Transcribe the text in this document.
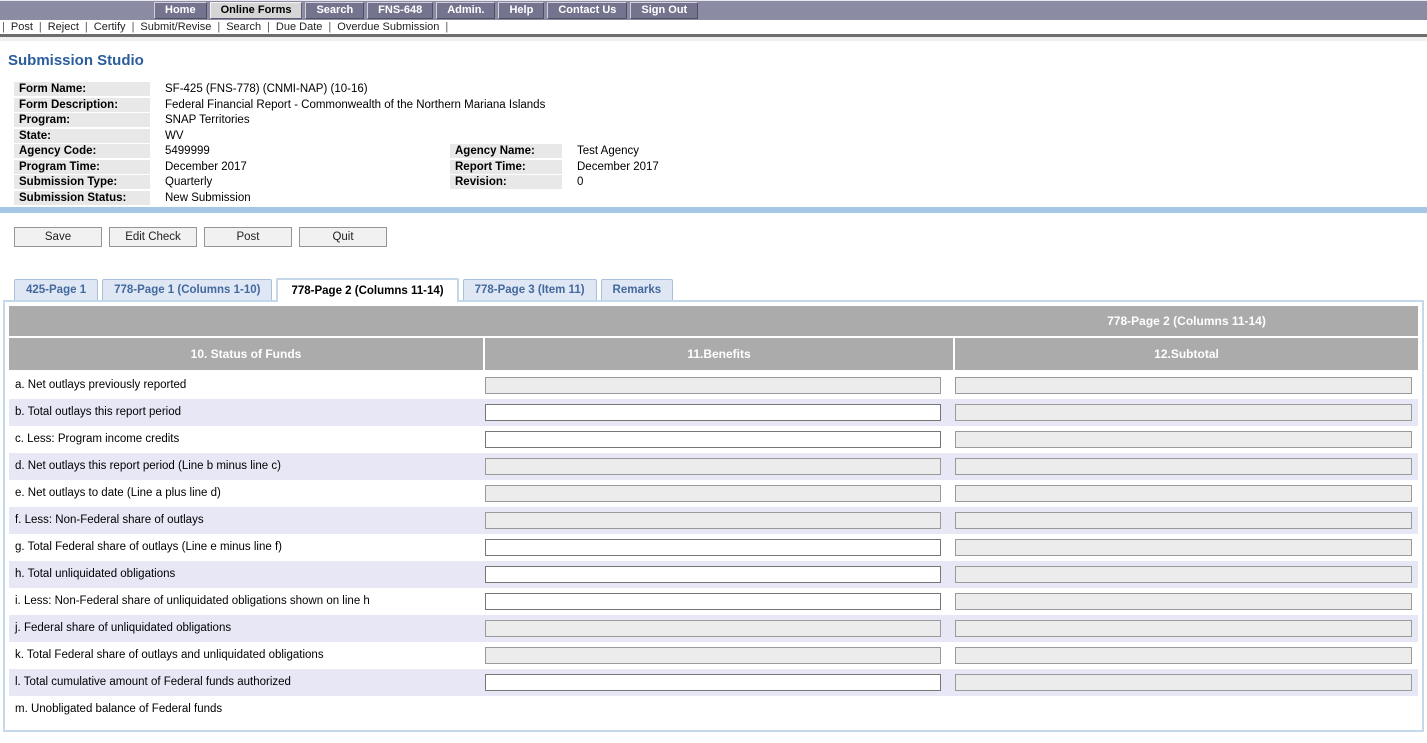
Home	Online Forms	Search	FNS-648	Admin.	Help	Contact Us	Sign Out
| Post | Reject | Certify | Submit/Revise | Search | Due Date | Overdue Submission |
Submission Studio
Form Name:	SF-425 (FNS-778) (CNMI-NAP) (10-16)
Form Description:	Federal Financial Report - Commonwealth of the Northern Mariana Islands
Program:	SNAP Territories
State:	WV
Agency Code:	5499999	Agency Name:	Test Agency
Program Time:	December 2017	Report Time:	December 2017
Submission Type:	Quarterly	Revision:	0
Submission Status:	New Submission
Save	Edit Check	Post	Quit
425-Page 1	778-Page 1 (Columns 1-10)	778-Page 2 (Columns 11-14)	778-Page 3 (Item 11)	Remarks
778-Page 2 (Columns 11-14)
10. Status of Funds	11.Benefits	12.Subtotal
a. Net outlays previously reported
b. Total outlays this report period
c. Less: Program income credits
d. Net outlays this report period (Line b minus line c)
e. Net outlays to date (Line a plus line d)
f. Less: Non-Federal share of outlays
g. Total Federal share of outlays (Line e minus line f)
h. Total unliquidated obligations
i. Less: Non-Federal share of unliquidated obligations shown on line h
j. Federal share of unliquidated obligations
k. Total Federal share of outlays and unliquidated obligations
l. Total cumulative amount of Federal funds authorized
m. Unobligated balance of Federal funds
